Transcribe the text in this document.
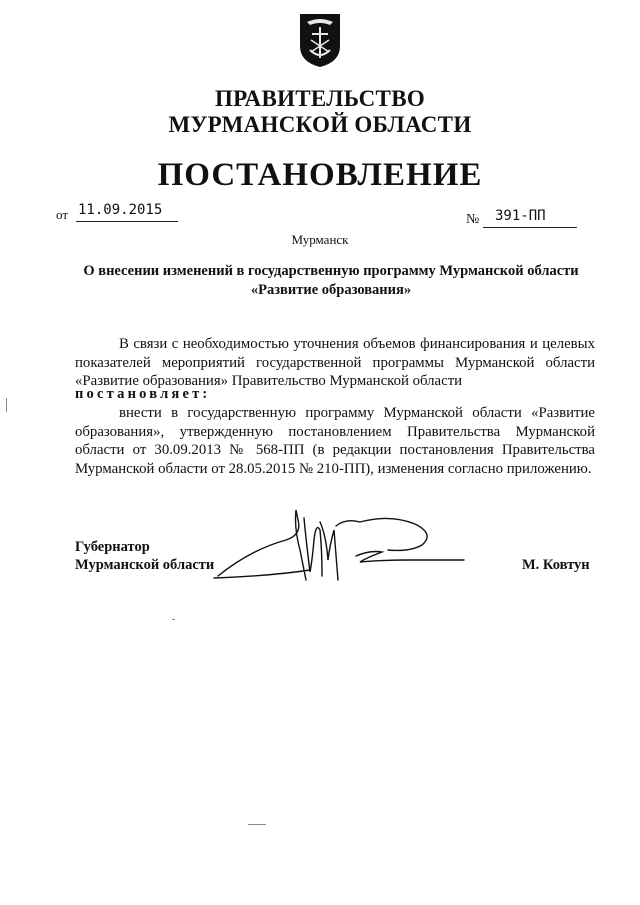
ПРАВИТЕЛЬСТВО
МУРМАНСКОЙ ОБЛАСТИ
ПОСТАНОВЛЕНИЕ
от 11.09.2015
№	391-ПП
Мурманск
О внесении изменений в государственную программу Мурманской области
«Развитие образования»
В связи с необходимостью уточнения объемов финансирования и целевых показателей мероприятий государственной программы Мурманской области «Развитие образования» Правительство Мурманской области
постановляет:
внести в государственную программу Мурманской области «Развитие образования», утвержденную постановлением Правительства Мурманской области от 30.09.2013 № 568-ПП (в редакции постановления Правительства Мурманской области от 28.05.2015 № 210-ПП), изменения согласно приложению.
Губернатор
Мурманской области	М. Ковтун
